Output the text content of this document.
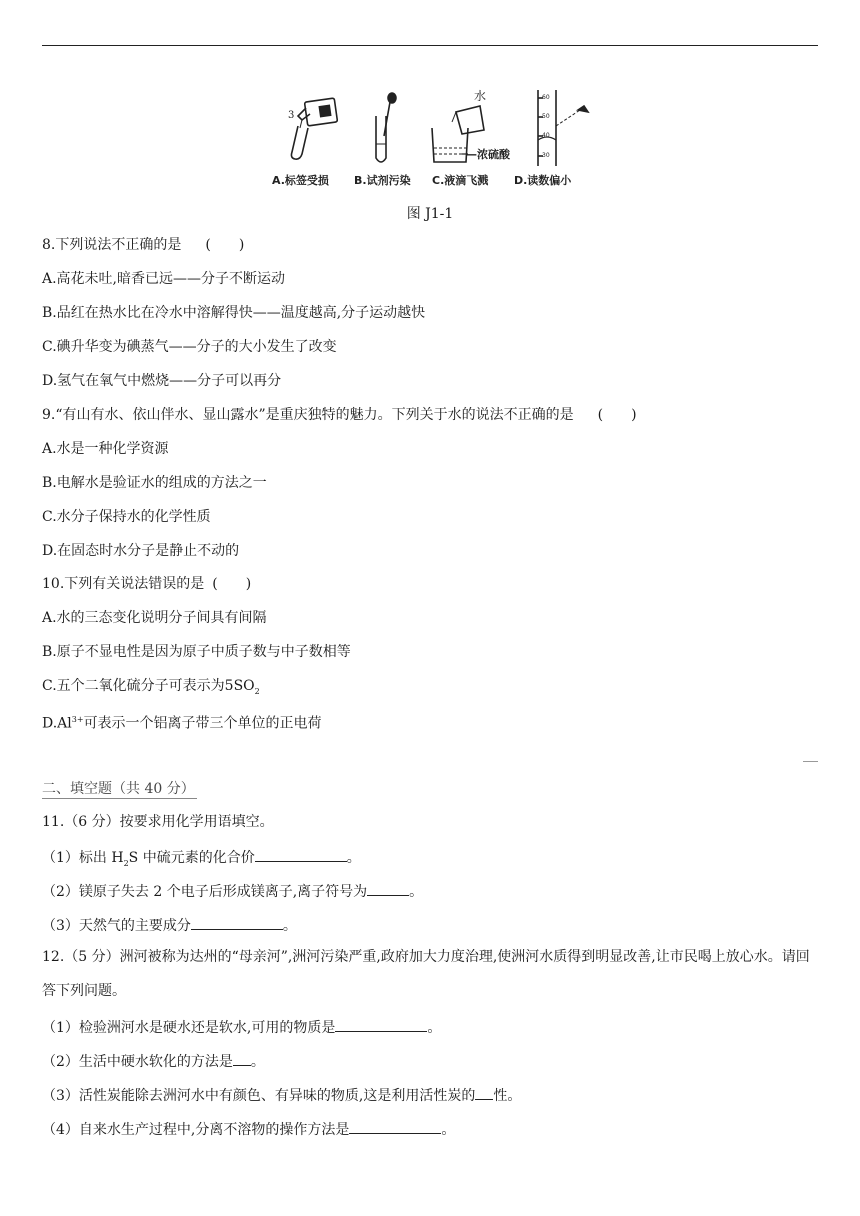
3
水
—浓硫酸
60
50
40
30
A.标签受损 B.试剂污染 C.液滴飞溅 D.读数偏小
图 J1-1
8.下列说法不正确的是 (　　)
A.高花未吐,暗香已远——分子不断运动
B.品红在热水比在冷水中溶解得快——温度越高,分子运动越快
C.碘升华变为碘蒸气——分子的大小发生了改变
D.氢气在氧气中燃烧——分子可以再分
9.“有山有水、依山伴水、显山露水”是重庆独特的魅力。下列关于水的说法不正确的是 (　　)
A.水是一种化学资源
B.电解水是验证水的组成的方法之一
C.水分子保持水的化学性质
D.在固态时水分子是静止不动的
10.下列有关说法错误的是 (　　)
A.水的三态变化说明分子间具有间隔
B.原子不显电性是因为原子中质子数与中子数相等
C.五个二氧化硫分子可表示为$5SO_2$
$D.Al^{3+}$可表示一个铝离子带三个单位的正电荷
二、填空题（共 40 分）
11.（6 分）按要求用化学用语填空。
（1）标出 $H_2S$ 中硫元素的化合价	。
（2）镁原子失去 2 个电子后形成镁离子,离子符号为	。
（3）天然气的主要成分	。
12.（5 分）洲河被称为达州的“母亲河”,洲河污染严重,政府加大力度治理,使洲河水质得到明显改善,让市民喝上放心水。请回答下列问题。
（1）检验洲河水是硬水还是软水,可用的物质是	。
（2）生活中硬水软化的方法是 。
（3）活性炭能除去洲河水中有颜色、有异味的物质,这是利用活性炭的 性。
（4）自来水生产过程中,分离不溶物的操作方法是	。
